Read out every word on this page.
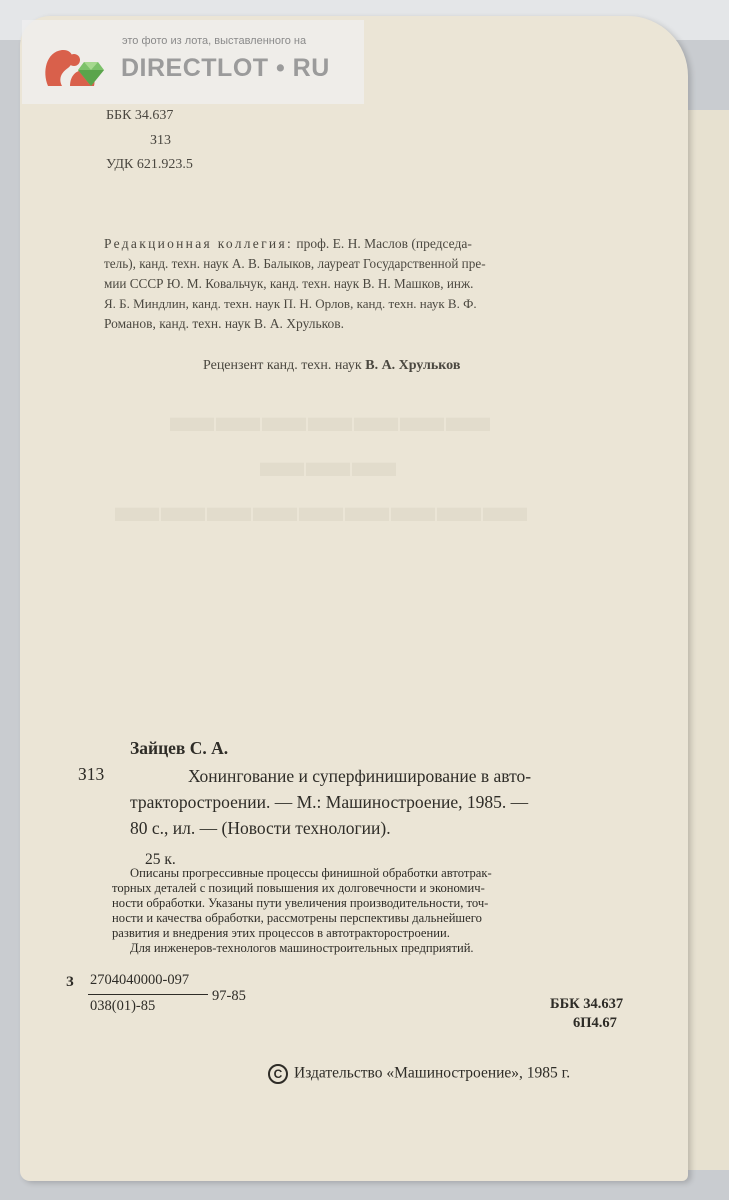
▬▬▬▬▬▬▬
▬▬▬
▬▬▬▬▬▬▬▬▬
это фото из лота, выставленного на
DIRECTLOT • RU
ББК 34.637
З13
УДК 621.923.5
Редакционная коллегия: проф. Е. Н. Маслов (председа-
тель), канд. техн. наук А. В. Балыков, лауреат Государственной пре-
мии СССР Ю. М. Ковальчук, канд. техн. наук В. Н. Машков, инж.
Я. Б. Миндлин, канд. техн. наук П. Н. Орлов, канд. техн. наук В. Ф.
Романов, канд. техн. наук В. А. Хрульков.
Рецензент канд. техн. наук В. А. Хрульков
Зайцев С. А.
З13	Хонингование и суперфиниширование в авто-
тракторостроении. — М.: Машиностроение, 1985. —
80 с., ил. — (Новости технологии).
25 к.
Описаны прогрессивные процессы финишной обработки автотрак-
торных деталей с позиций повышения их долговечности и экономич-
ности обработки. Указаны пути увеличения производительности, точ-
ности и качества обработки, рассмотрены перспективы дальнейшего
развития и внедрения этих процессов в автотракторостроении.
Для инженеров-технологов машиностроительных предприятий.
З 2704040000-097
038(01)-85
97-85	ББК 34.637
6П4.67
C Издательство «Машиностроение», 1985 г.
